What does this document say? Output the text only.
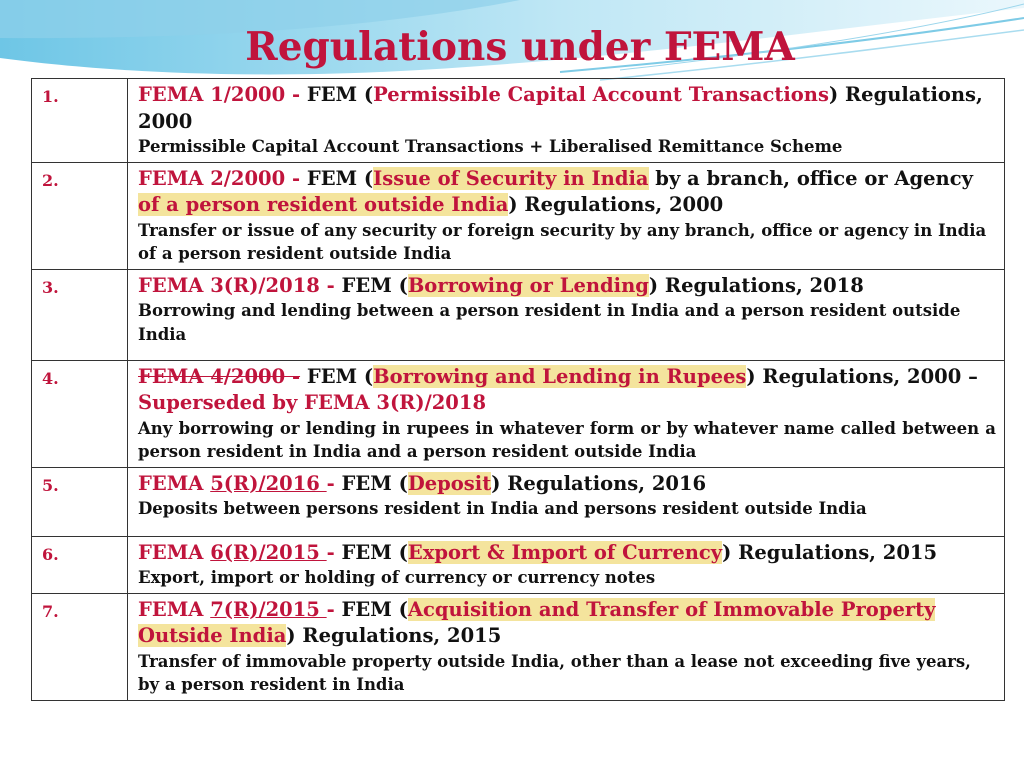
Regulations under FEMA
1.	FEMA 1/2000 - FEM (Permissible Capital Account Transactions) Regulations, 2000
Permissible Capital Account Transactions + Liberalised Remittance Scheme

2.	FEMA 2/2000 - FEM (Issue of Security in India by a branch, office or Agency of a person resident outside India) Regulations, 2000
Transfer or issue of any security or foreign security by any branch, office or agency in India of a person resident outside India

3.	FEMA 3(R)/2018 - FEM (Borrowing or Lending) Regulations, 2018
Borrowing and lending between a person resident in India and a person resident outside India

4.	FEMA 4/2000 - FEM (Borrowing and Lending in Rupees) Regulations, 2000 – Superseded by FEMA 3(R)/2018
Any borrowing or lending in rupees in whatever form or by whatever name called between a person resident in India and a person resident outside India

5.	FEMA 5(R)/2016 - FEM (Deposit) Regulations, 2016
Deposits between persons resident in India and persons resident outside India

6.	FEMA 6(R)/2015 - FEM (Export & Import of Currency) Regulations, 2015
Export, import or holding of currency or currency notes

7.	FEMA 7(R)/2015 - FEM (Acquisition and Transfer of Immovable Property Outside India) Regulations, 2015
Transfer of immovable property outside India, other than a lease not exceeding five years, by a person resident in India
